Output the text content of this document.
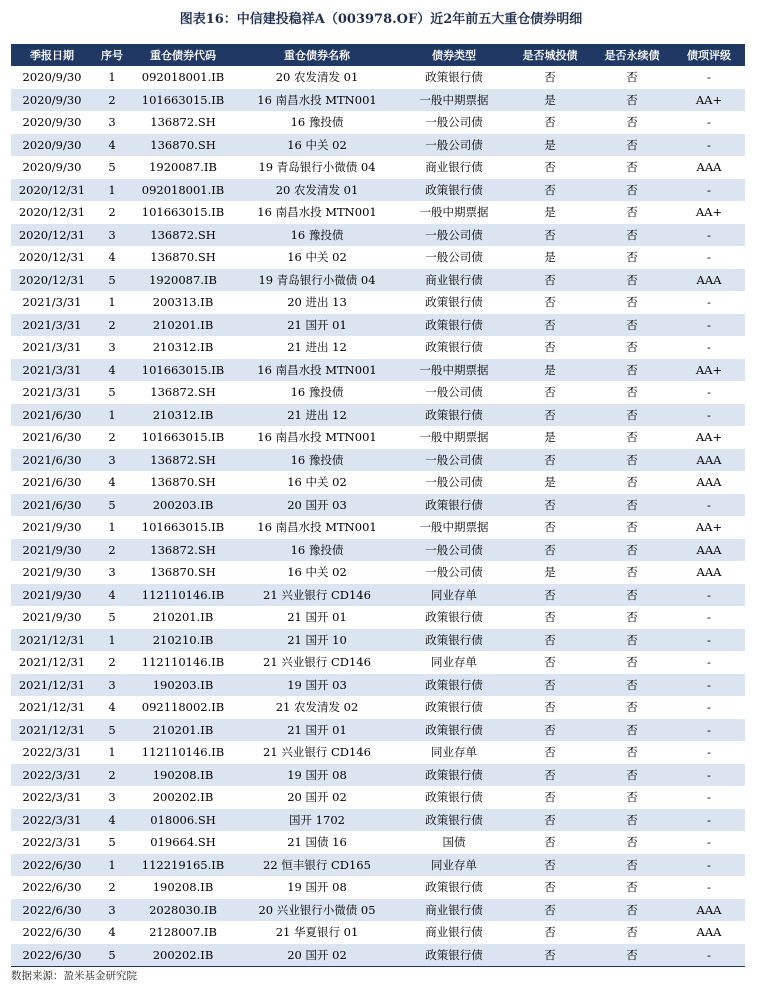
图表16：中信建投稳祥A（003978.OF）近2年前五大重仓债券明细
季报日期	序号	重仓债券代码	重仓债券名称	债券类型	是否城投债	是否永续债	债项评级
2020/9/30	1	092018001.IB	20 农发清发 01	政策银行债	否	否	-
2020/9/30	2	101663015.IB	16 南昌水投 MTN001	一般中期票据	是	否	AA+
2020/9/30	3	136872.SH	16 豫投债	一般公司债	否	否	-
2020/9/30	4	136870.SH	16 中关 02	一般公司债	是	否	-
2020/9/30	5	1920087.IB	19 青岛银行小微债 04	商业银行债	否	否	AAA
2020/12/31	1	092018001.IB	20 农发清发 01	政策银行债	否	否	-
2020/12/31	2	101663015.IB	16 南昌水投 MTN001	一般中期票据	是	否	AA+
2020/12/31	3	136872.SH	16 豫投债	一般公司债	否	否	-
2020/12/31	4	136870.SH	16 中关 02	一般公司债	是	否	-
2020/12/31	5	1920087.IB	19 青岛银行小微债 04	商业银行债	否	否	AAA
2021/3/31	1	200313.IB	20 进出 13	政策银行债	否	否	-
2021/3/31	2	210201.IB	21 国开 01	政策银行债	否	否	-
2021/3/31	3	210312.IB	21 进出 12	政策银行债	否	否	-
2021/3/31	4	101663015.IB	16 南昌水投 MTN001	一般中期票据	是	否	AA+
2021/3/31	5	136872.SH	16 豫投债	一般公司债	否	否	-
2021/6/30	1	210312.IB	21 进出 12	政策银行债	否	否	-
2021/6/30	2	101663015.IB	16 南昌水投 MTN001	一般中期票据	是	否	AA+
2021/6/30	3	136872.SH	16 豫投债	一般公司债	否	否	AAA
2021/6/30	4	136870.SH	16 中关 02	一般公司债	是	否	AAA
2021/6/30	5	200203.IB	20 国开 03	政策银行债	否	否	-
2021/9/30	1	101663015.IB	16 南昌水投 MTN001	一般中期票据	否	否	AA+
2021/9/30	2	136872.SH	16 豫投债	一般公司债	否	否	AAA
2021/9/30	3	136870.SH	16 中关 02	一般公司债	是	否	AAA
2021/9/30	4	112110146.IB	21 兴业银行 CD146	同业存单	否	否	-
2021/9/30	5	210201.IB	21 国开 01	政策银行债	否	否	-
2021/12/31	1	210210.IB	21 国开 10	政策银行债	否	否	-
2021/12/31	2	112110146.IB	21 兴业银行 CD146	同业存单	否	否	-
2021/12/31	3	190203.IB	19 国开 03	政策银行债	否	否	-
2021/12/31	4	092118002.IB	21 农发清发 02	政策银行债	否	否	-
2021/12/31	5	210201.IB	21 国开 01	政策银行债	否	否	-
2022/3/31	1	112110146.IB	21 兴业银行 CD146	同业存单	否	否	-
2022/3/31	2	190208.IB	19 国开 08	政策银行债	否	否	-
2022/3/31	3	200202.IB	20 国开 02	政策银行债	否	否	-
2022/3/31	4	018006.SH	国开 1702	政策银行债	否	否	-
2022/3/31	5	019664.SH	21 国债 16	国债	否	否	-
2022/6/30	1	112219165.IB	22 恒丰银行 CD165	同业存单	否	否	-
2022/6/30	2	190208.IB	19 国开 08	政策银行债	否	否	-
2022/6/30	3	2028030.IB	20 兴业银行小微债 05	商业银行债	否	否	AAA
2022/6/30	4	2128007.IB	21 华夏银行 01	商业银行债	否	否	AAA
2022/6/30	5	200202.IB	20 国开 02	政策银行债	否	否	-
数据来源：盈米基金研究院
